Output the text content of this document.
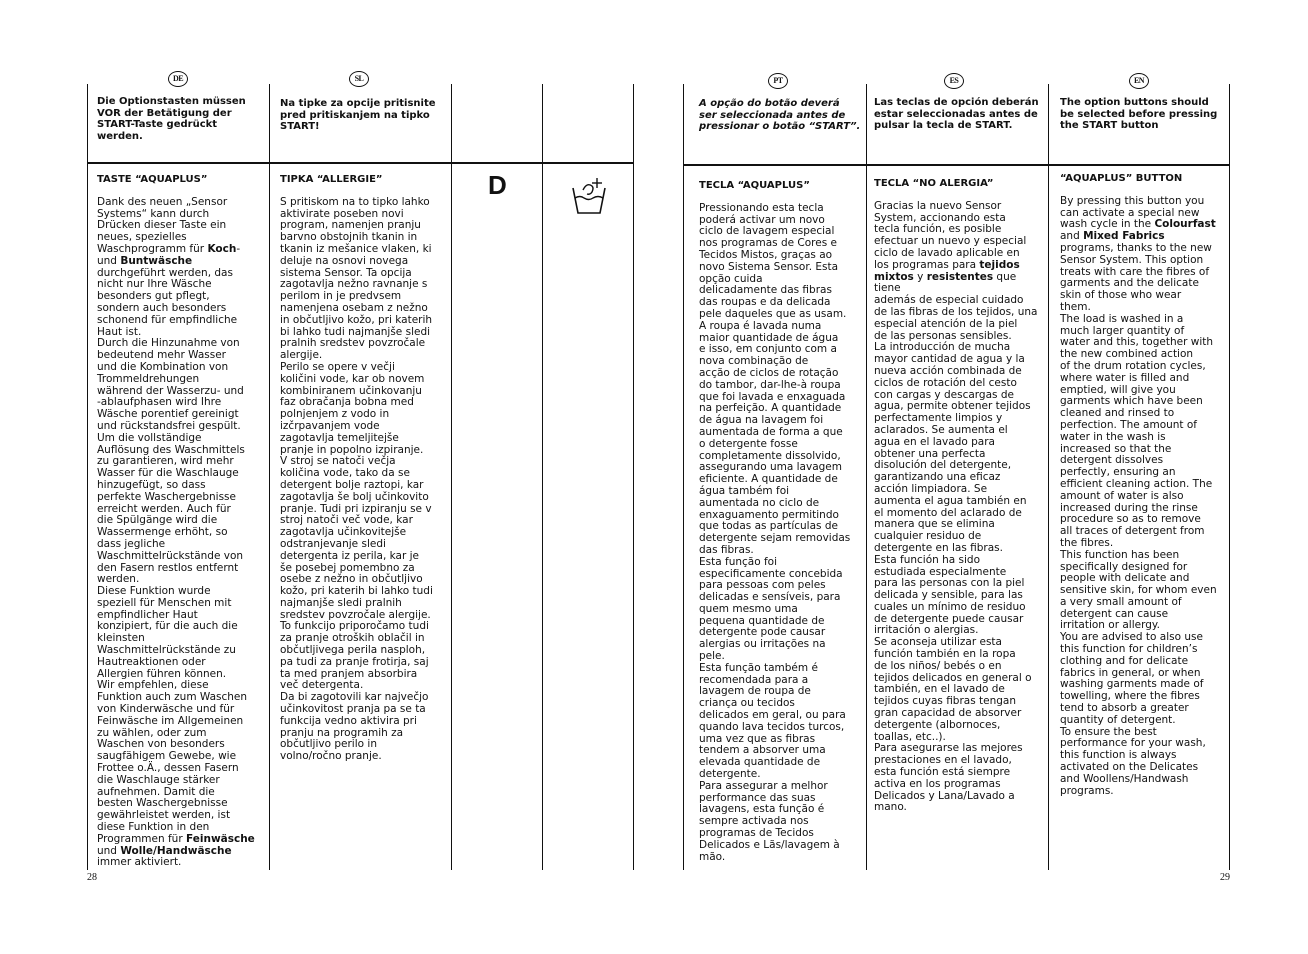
DE	SL
Die Optionstasten müssen
VOR der Betätigung der
START-Taste gedrückt
werden.
Na tipke za opcije pritisnite
pred pritiskanjem na tipko
START!

TASTE “AQUAPLUS”

Dank des neuen „Sensor
Systems“ kann durch
Drücken dieser Taste ein
neues, spezielles
Waschprogramm für Koch-
und Buntwäsche
durchgeführt werden, das
nicht nur Ihre Wäsche
besonders gut pflegt,
sondern auch besonders
schonend für empfindliche
Haut ist.
Durch die Hinzunahme von
bedeutend mehr Wasser
und die Kombination von
Trommeldrehungen
während der Wasserzu- und
-ablaufphasen wird Ihre
Wäsche porentief gereinigt
und rückstandsfrei gespült.
Um die vollständige
Auflösung des Waschmittels
zu garantieren, wird mehr
Wasser für die Waschlauge
hinzugefügt, so dass
perfekte Waschergebnisse
erreicht werden. Auch für
die Spülgänge wird die
Wassermenge erhöht, so
dass jegliche
Waschmittelrückstände von
den Fasern restlos entfernt
werden.
Diese Funktion wurde
speziell für Menschen mit
empfindlicher Haut
konzipiert, für die auch die
kleinsten
Waschmittelrückstände zu
Hautreaktionen oder
Allergien führen können.
Wir empfehlen, diese
Funktion auch zum Waschen
von Kinderwäsche und für
Feinwäsche im Allgemeinen
zu wählen, oder zum
Waschen von besonders
saugfähigem Gewebe, wie
Frottee o.Ä., dessen Fasern
die Waschlauge stärker
aufnehmen. Damit die
besten Waschergebnisse
gewährleistet werden, ist
diese Funktion in den
Programmen für Feinwäsche
und Wolle/Handwäsche
immer aktiviert.

TIPKA “ALLERGIE”

S pritiskom na to tipko lahko
aktivirate poseben novi
program, namenjen pranju
barvno obstojnih tkanin in
tkanin iz mešanice vlaken, ki
deluje na osnovi novega
sistema Sensor. Ta opcija
zagotavlja nežno ravnanje s
perilom in je predvsem
namenjena osebam z nežno
in občutljivo kožo, pri katerih
bi lahko tudi najmanjše sledi
pralnih sredstev povzročale
alergije.
Perilo se opere v večji
količini vode, kar ob novem
kombiniranem učinkovanju
faz obračanja bobna med
polnjenjem z vodo in
izčrpavanjem vode
zagotavlja temeljitejše
pranje in popolno izpiranje.
V stroj se natoči večja
količina vode, tako da se
detergent bolje raztopi, kar
zagotavlja še bolj učinkovito
pranje. Tudi pri izpiranju se v
stroj natoči več vode, kar
zagotavlja učinkovitejše
odstranjevanje sledi
detergenta iz perila, kar je
še posebej pomembno za
osebe z nežno in občutljivo
kožo, pri katerih bi lahko tudi
najmanjše sledi pralnih
sredstev povzročale alergije.
To funkcijo priporočamo tudi
za pranje otroških oblačil in
občutljivega perila nasploh,
pa tudi za pranje frotirja, saj
ta med pranjem absorbira
več detergenta.
Da bi zagotovili kar največjo
učinkovitost pranja pa se ta
funkcija vedno aktivira pri
pranju na programih za
občutljivo perilo in
volno/ročno pranje.

D
28
PT	ES	EN
A opção do botão deverá
ser seleccionada antes de
pressionar o botão “START”.
Las teclas de opción deberán
estar seleccionadas antes de
pulsar la tecla de START.
The option buttons should
be selected before pressing
the START button

TECLA “AQUAPLUS”

Pressionando esta tecla
poderá activar um novo
ciclo de lavagem especial
nos programas de Cores e
Tecidos Mistos, graças ao
novo Sistema Sensor. Esta
opção cuida
delicadamente das fibras
das roupas e da delicada
pele daqueles que as usam.
A roupa é lavada numa
maior quantidade de água
e isso, em conjunto com a
nova combinação de
acção de ciclos de rotação
do tambor, dar-lhe-à roupa
que foi lavada e enxaguada
na perfeição. A quantidade
de água na lavagem foi
aumentada de forma a que
o detergente fosse
completamente dissolvido,
assegurando uma lavagem
eficiente. A quantidade de
água também foi
aumentada no ciclo de
enxaguamento permitindo
que todas as partículas de
detergente sejam removidas
das fibras.
Esta função foi
especificamente concebida
para pessoas com peles
delicadas e sensíveis, para
quem mesmo uma
pequena quantidade de
detergente pode causar
alergias ou irritações na
pele.
Esta função também é
recomendada para a
lavagem de roupa de
criança ou tecidos
delicados em geral, ou para
quando lava tecidos turcos,
uma vez que as fibras
tendem a absorver uma
elevada quantidade de
detergente.
Para assegurar a melhor
performance das suas
lavagens, esta função é
sempre activada nos
programas de Tecidos
Delicados e Lãs/lavagem à
mão.

TECLA “NO ALERGIA”

Gracias la nuevo Sensor
System, accionando esta
tecla función, es posible
efectuar un nuevo y especial
ciclo de lavado aplicable en
los programas para tejidos
mixtos y resistentes que tiene
además de especial cuidado
de las fibras de los tejidos, una
especial atención de la piel
de las personas sensibles.
La introducción de mucha
mayor cantidad de agua y la
nueva acción combinada de
ciclos de rotación del cesto
con cargas y descargas de
agua, permite obtener tejidos
perfectamente limpios y
aclarados. Se aumenta el
agua en el lavado para
obtener una perfecta
disolución del detergente,
garantizando una eficaz
acción limpiadora. Se
aumenta el agua también en
el momento del aclarado de
manera que se elimina
cualquier residuo de
detergente en las fibras.
Esta función ha sido
estudiada especialmente
para las personas con la piel
delicada y sensible, para las
cuales un mínimo de residuo
de detergente puede causar
irritación o alergias.
Se aconseja utilizar esta
función también en la ropa
de los niños/ bebés o en
tejidos delicados en general o
también, en el lavado de
tejidos cuyas fibras tengan
gran capacidad de absorver
detergente (albornoces,
toallas, etc..).
Para asegurarse las mejores
prestaciones en el lavado,
esta función está siempre
activa en los programas
Delicados y Lana/Lavado a
mano.

“AQUAPLUS” BUTTON

By pressing this button you
can activate a special new
wash cycle in the Colourfast
and Mixed Fabrics
programs, thanks to the new
Sensor System. This option
treats with care the fibres of
garments and the delicate
skin of those who wear
them.
The load is washed in a
much larger quantity of
water and this, together with
the new combined action
of the drum rotation cycles,
where water is filled and
emptied, will give you
garments which have been
cleaned and rinsed to
perfection. The amount of
water in the wash is
increased so that the
detergent dissolves
perfectly, ensuring an
efficient cleaning action. The
amount of water is also
increased during the rinse
procedure so as to remove
all traces of detergent from
the fibres.
This function has been
specifically designed for
people with delicate and
sensitive skin, for whom even
a very small amount of
detergent can cause
irritation or allergy.
You are advised to also use
this function for children’s
clothing and for delicate
fabrics in general, or when
washing garments made of
towelling, where the fibres
tend to absorb a greater
quantity of detergent.
To ensure the best
performance for your wash,
this function is always
activated on the Delicates
and Woollens/Handwash
programs.

29
